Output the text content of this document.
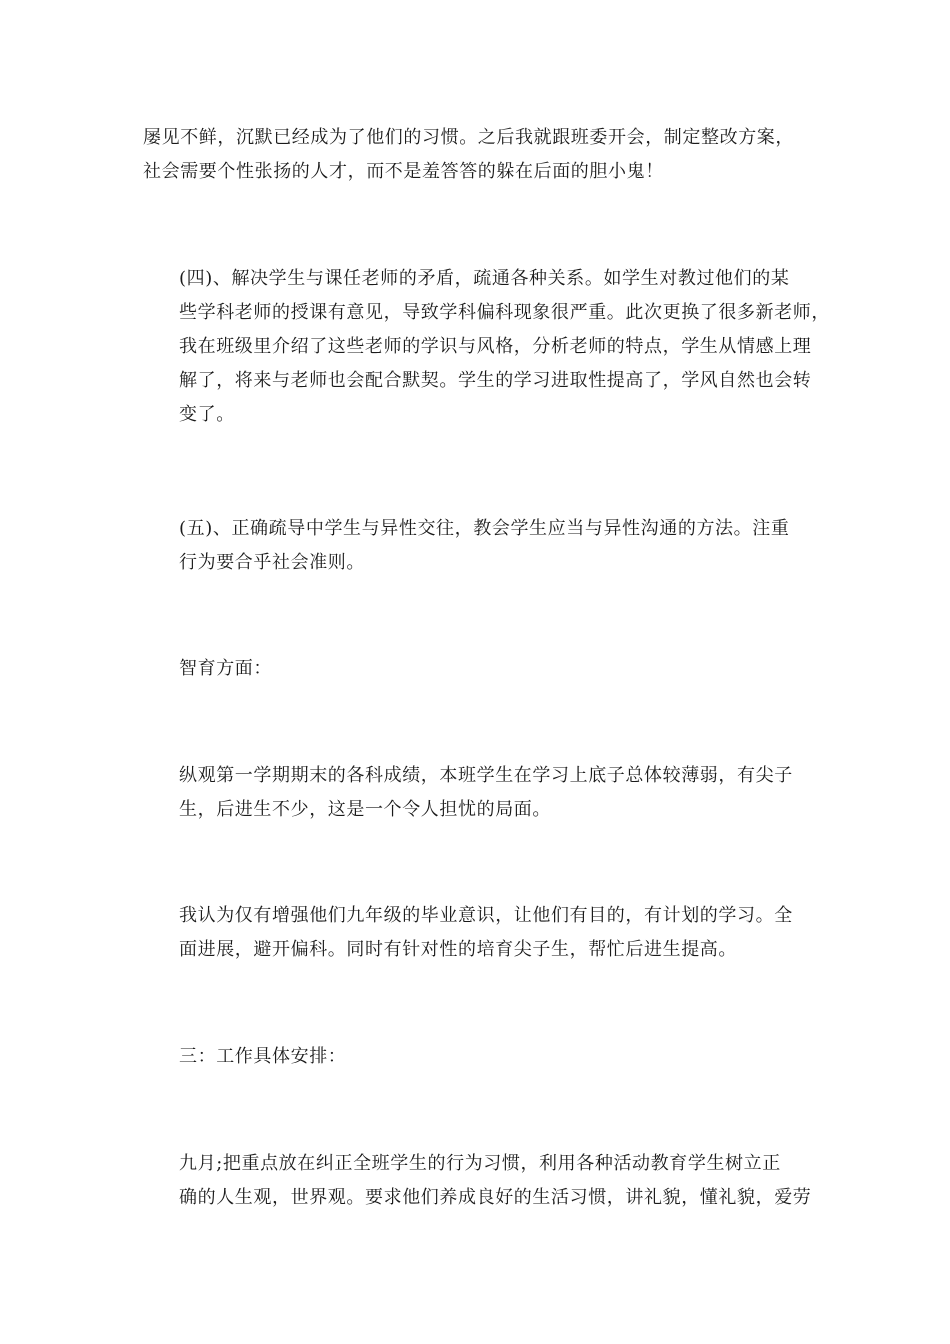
屡见不鲜，沉默已经成为了他们的习惯。之后我就跟班委开会，制定整改方案，
社会需要个性张扬的人才，而不是羞答答的躲在后面的胆小鬼！

(四)、解决学生与课任老师的矛盾，疏通各种关系。如学生对教过他们的某
些学科老师的授课有意见，导致学科偏科现象很严重。此次更换了很多新老师，
我在班级里介绍了这些老师的学识与风格，分析老师的特点，学生从情感上理
解了，将来与老师也会配合默契。学生的学习进取性提高了，学风自然也会转
变了。

(五)、正确疏导中学生与异性交往，教会学生应当与异性沟通的方法。注重
行为要合乎社会准则。

智育方面：

纵观第一学期期末的各科成绩，本班学生在学习上底子总体较薄弱，有尖子
生，后进生不少，这是一个令人担忧的局面。

我认为仅有增强他们九年级的毕业意识，让他们有目的，有计划的学习。全
面进展，避开偏科。同时有针对性的培育尖子生，帮忙后进生提高。

三：工作具体安排：

九月;把重点放在纠正全班学生的行为习惯，利用各种活动教育学生树立正
确的人生观，世界观。要求他们养成良好的生活习惯，讲礼貌，懂礼貌，爱劳
